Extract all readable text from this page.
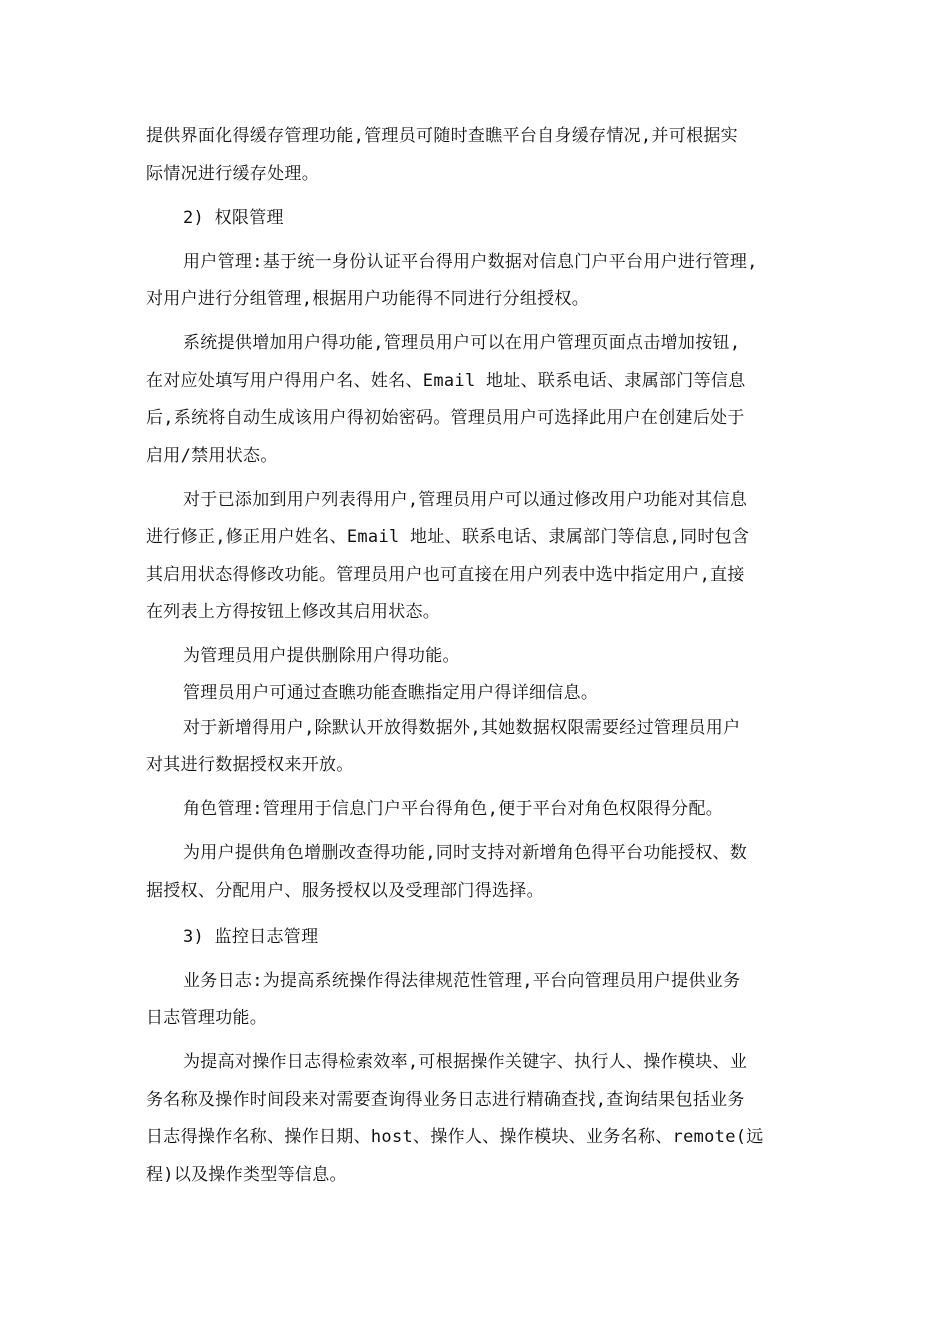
提供界面化得缓存管理功能,管理员可随时查瞧平台自身缓存情况,并可根据实
际情况进行缓存处理。
2) 权限管理
用户管理:基于统一身份认证平台得用户数据对信息门户平台用户进行管理,
对用户进行分组管理,根据用户功能得不同进行分组授权。
系统提供增加用户得功能,管理员用户可以在用户管理页面点击增加按钮,
在对应处填写用户得用户名、姓名、Email 地址、联系电话、隶属部门等信息
后,系统将自动生成该用户得初始密码。管理员用户可选择此用户在创建后处于
启用/禁用状态。
对于已添加到用户列表得用户,管理员用户可以通过修改用户功能对其信息
进行修正,修正用户姓名、Email 地址、联系电话、隶属部门等信息,同时包含
其启用状态得修改功能。管理员用户也可直接在用户列表中选中指定用户,直接
在列表上方得按钮上修改其启用状态。
为管理员用户提供删除用户得功能。
管理员用户可通过查瞧功能查瞧指定用户得详细信息。
对于新增得用户,除默认开放得数据外,其她数据权限需要经过管理员用户
对其进行数据授权来开放。
角色管理:管理用于信息门户平台得角色,便于平台对角色权限得分配。
为用户提供角色增删改查得功能,同时支持对新增角色得平台功能授权、数
据授权、分配用户、服务授权以及受理部门得选择。
3) 监控日志管理
业务日志:为提高系统操作得法律规范性管理,平台向管理员用户提供业务
日志管理功能。
为提高对操作日志得检索效率,可根据操作关键字、执行人、操作模块、业
务名称及操作时间段来对需要查询得业务日志进行精确查找,查询结果包括业务
日志得操作名称、操作日期、host、操作人、操作模块、业务名称、remote(远
程)以及操作类型等信息。
